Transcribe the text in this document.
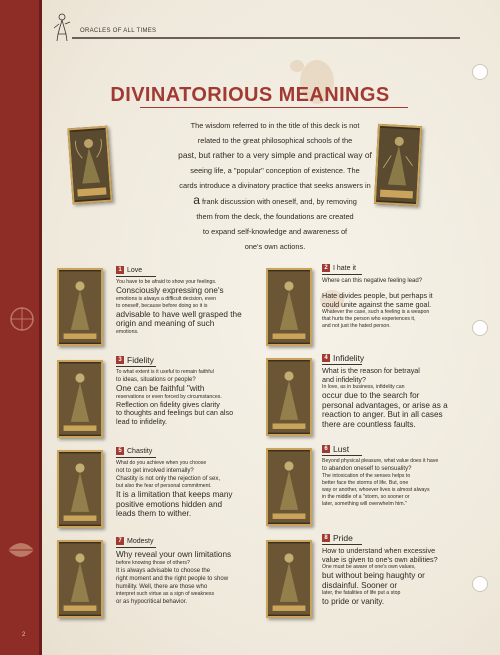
2
ORACLES OF ALL TIMES
DIVINATORIOUS MEANINGS
The wisdom referred to in the title of this deck is not
related to the great philosophical schools of the
past, but rather to a very simple and practical way of
seeing life, a "popular" conception of existence. The
cards introduce a divinatory practice that seeks answers in
a frank discussion with oneself, and, by removing
them from the deck, the foundations are created
to expand self-knowledge and awareness of
one's own actions.
1 Love
You have to be afraid to show your feelings.
Consciously expressing one's
emotions is always a difficult decision, even
to oneself, because before doing so it is
advisable to have well grasped the
origin and meaning of such
emotions.
2 I hate it
Where can this negative feeling lead?
Hate divides people, but perhaps it
could unite against the same goal.
Whatever the case, such a feeling is a weapon
that hurts the person who experiences it,
and not just the hated person.
3 Fidelity
To what extent is it useful to remain faithful
to ideas, situations or people?
One can be faithful "with
reservations or even forced by circumstances.
Reflection on fidelity gives clarity
to thoughts and feelings but can also
lead to infidelity.
4 Infidelity
What is the reason for betrayal
and infidelity?
In love, as in business, infidelity can
occur due to the search for
personal advantages, or arise as a
reaction to anger. But in all cases
there are countless faults.
5 Chastity
What do you achieve when you choose
not to get involved internally?
Chastity is not only the rejection of sex,
but also the fear of personal commitment.
It is a limitation that keeps many
positive emotions hidden and
leads them to wither.
6 Lust
Beyond physical pleasure, what value does it have
to abandon oneself to sensuality?
The intoxication of the senses helps to
better face the storms of life. But, one
way or another, whoever lives is almost always
in the middle of a "storm, so sooner or
later, something will overwhelm him."
7 Modesty
Why reveal your own limitations
before knowing those of others?
It is always advisable to choose the
right moment and the right people to show
humility. Well, there are those who
interpret such virtue as a sign of weakness
or as hypocritical behavior.
8 Pride
How to understand when excessive
value is given to one's own abilities?
One must be aware of one's own values,
but without being haughty or
disdainful. Sooner or
later, the fatalities of life put a stop
to pride or vanity.
